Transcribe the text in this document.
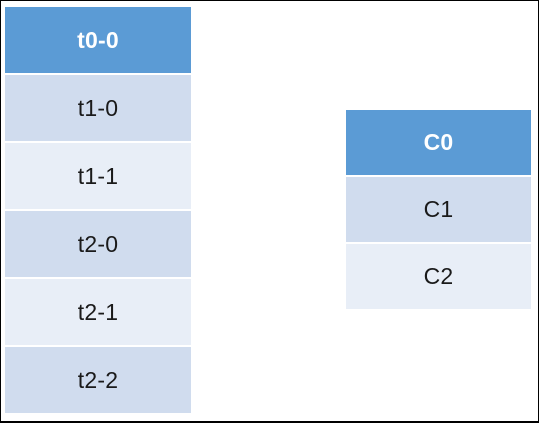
t0-0
t1-0
t1-1
t2-0
t2-1
t2-2
C0
C1
C2
